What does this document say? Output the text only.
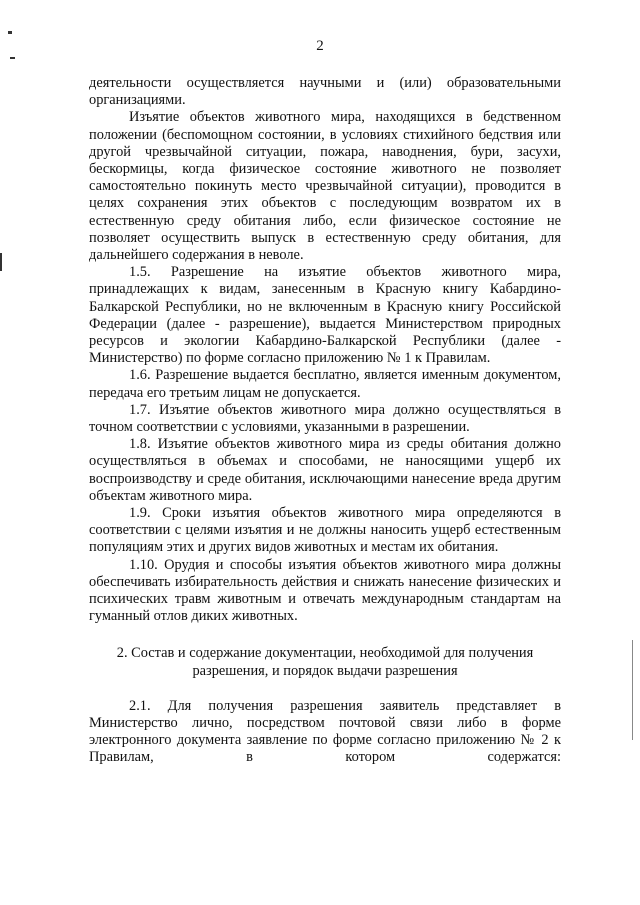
2

деятельности осуществляется научными и (или) образовательными организациями.

Изъятие объектов животного мира, находящихся в бедственном положении (беспомощном состоянии, в условиях стихийного бедствия или другой чрезвычайной ситуации, пожара, наводнения, бури, засухи, бескормицы, когда физическое состояние животного не позволяет самостоятельно покинуть место чрезвычайной ситуации), проводится в целях сохранения этих объектов с последующим возвратом их в естественную среду обитания либо, если физическое состояние не позволяет осуществить выпуск в естественную среду обитания, для дальнейшего содержания в неволе.

1.5. Разрешение на изъятие объектов животного мира, принадлежащих к видам, занесенным в Красную книгу Кабардино-Балкарской Республики, но не включенным в Красную книгу Российской Федерации (далее - разрешение), выдается Министерством природных ресурсов и экологии Кабардино-Балкарской Республики (далее - Министерство) по форме согласно приложению № 1 к Правилам.

1.6. Разрешение выдается бесплатно, является именным документом, передача его третьим лицам не допускается.

1.7. Изъятие объектов животного мира должно осуществляться в точном соответствии с условиями, указанными в разрешении.

1.8. Изъятие объектов животного мира из среды обитания должно осуществляться в объемах и способами, не наносящими ущерб их воспроизводству и среде обитания, исключающими нанесение вреда другим объектам животного мира.

1.9. Сроки изъятия объектов животного мира определяются в соответствии с целями изъятия и не должны наносить ущерб естественным популяциям этих и других видов животных и местам их обитания.

1.10. Орудия и способы изъятия объектов животного мира должны обеспечивать избирательность действия и снижать нанесение физических и психических травм животным и отвечать международным стандартам на гуманный отлов диких животных.

2. Состав и содержание документации, необходимой для получения
разрешения, и порядок выдачи разрешения

2.1. Для получения разрешения заявитель представляет в Министерство лично, посредством почтовой связи либо в форме электронного документа заявление по форме согласно приложению № 2 к Правилам, в котором содержатся:
